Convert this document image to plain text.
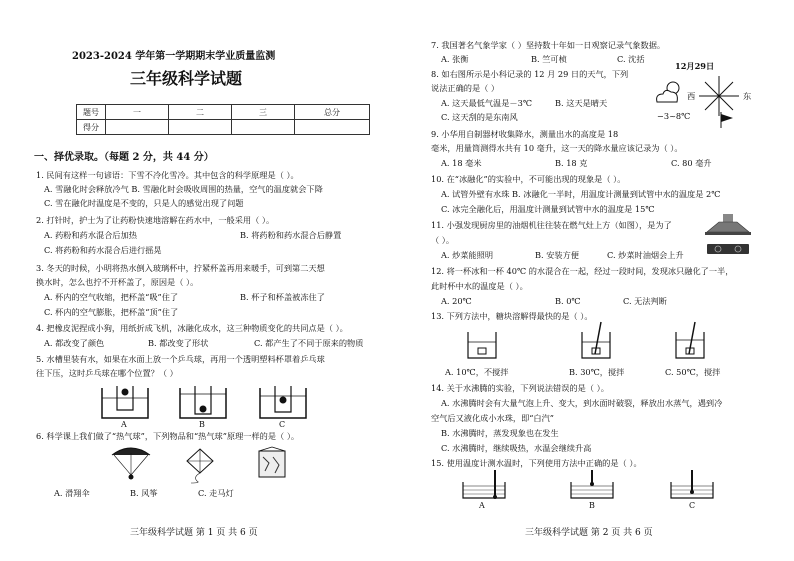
2023-2024 学年第一学期期末学业质量监测
三年级科学试题
题号	一	二	三	总分
得分				
一、择优录取。（每题 2 分，共 44 分）
1. 民间有这样一句谚语：下雪不冷化雪冷。其中包含的科学原理是（ ）。
A. 雪融化时会释放冷气 B. 雪融化时会吸收周围的热量，空气的温度就会下降
C. 雪在融化时温度是不变的，只是人的感觉出现了问题
2. 打针时，护士为了让药粉快速地溶解在药水中，一般采用（ ）。
A. 药粉和药水混合后加热	B. 将药粉和药水混合后静置
C. 将药粉和药水混合后进行摇晃
3. 冬天的时候，小明将热水倒入玻璃杯中，拧紧杯盖再用来暖手，可到第二天想
换水时，怎么也拧不开杯盖了，原因是（ ）。
A. 杯内的空气收缩，把杯盖“吸”住了	B. 杯子和杯盖被冻住了
C. 杯内的空气膨胀，把杯盖“顶”住了
4. 把橡皮泥捏成小狗，用纸折成飞机，冰融化成水，这三种物质变化的共同点是（ ）。
A. 都改变了颜色	B. 都改变了形状	C. 都产生了不同于原来的物质
5. 水槽里装有水，如果在水面上放一个乒乓球，再用一个透明塑料杯罩着乒乓球
往下压，这时乒乓球在哪个位置？（ ）
A	B	C
6. 科学课上我们做了“热气球”，下列物品和“热气球”原理一样的是（ ）。
A. 滑翔伞	B. 风筝	C. 走马灯
三年级科学试题 第 1 页 共 6 页
7. 我国著名气象学家（ ）坚持数十年如一日观察记录气象数据。
A. 张衡	B. 竺可桢	C. 沈括
8. 如右图所示是小科记录的 12 月 29 日的天气，下列
说法正确的是（ ）
A. 这天最低气温是－3℃	B. 这天是晴天
C. 这天刮的是东南风
12月29日
西	东
−3~8℃
9. 小华用自制器材收集降水，测量出水的高度是 18
毫米，用量筒测得水共有 10 毫升，这一天的降水量应该记录为（ ）。
A. 18 毫米	B. 18 克	C. 80 毫升
10. 在“冰融化”的实验中，不可能出现的现象是（ ）。
A. 试管外壁有水珠 B. 冰融化一半时，用温度计测量到试管中水的温度是 2℃
C. 冰完全融化后，用温度计测量到试管中水的温度是 15℃
11. 小强发现厨房里的油烟机往往装在燃气灶上方（如图），是为了
（ ）。
A. 炒菜能照明	B. 安装方便	C. 炒菜时油烟会上升
12. 将一杯冰和一杯 40℃ 的水混合在一起，经过一段时间，发现冰只融化了一半，
此时杯中水的温度是（ ）。
A. 20℃	B. 0℃	C. 无法判断
13. 下列方法中，糖块溶解得最快的是（ ）。
A. 10℃，不搅拌	B. 30℃，搅拌	C. 50℃，搅拌
14. 关于水沸腾的实验，下列说法错误的是（ ）。
A. 水沸腾时会有大量气泡上升、变大，到水面时破裂，释放出水蒸气，遇到冷
空气后又液化成小水珠，即“白汽”
B. 水沸腾时，蒸发现象也在发生
C. 水沸腾时，继续吸热，水温会继续升高
15. 使用温度计测水温时，下列使用方法中正确的是（ ）。
A	B	C
三年级科学试题 第 2 页 共 6 页
